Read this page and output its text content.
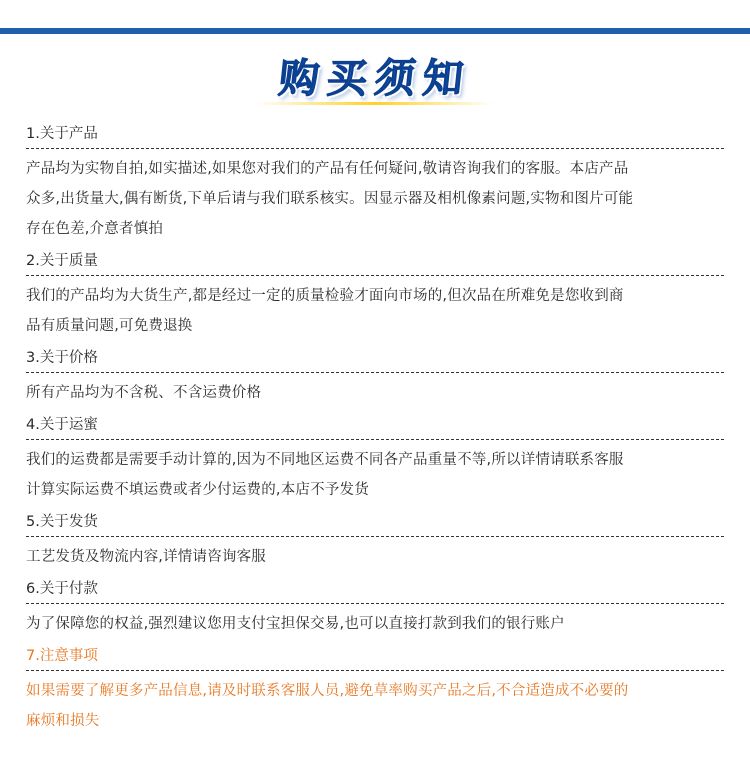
购买须知
1.关于产品

产品均为实物自拍,如实描述,如果您对我们的产品有任何疑问,敬请咨询我们的客服。本店产品

众多,出货量大,偶有断货,下单后请与我们联系核实。因显示器及相机像素问题,实物和图片可能

存在色差,介意者慎拍

2.关于质量

我们的产品均为大货生产,都是经过一定的质量检验才面向市场的,但次品在所难免是您收到商

品有质量问题,可免费退换

3.关于价格

所有产品均为不含税、不含运费价格

4.关于运蜜

我们的运费都是需要手动计算的,因为不同地区运费不同各产品重量不等,所以详情请联系客服

计算实际运费不填运费或者少付运费的,本店不予发货

5.关于发货

工艺发货及物流内容,详情请咨询客服

6.关于付款

为了保障您的权益,强烈建议您用支付宝担保交易,也可以直接打款到我们的银行账户

7.注意事项

如果需要了解更多产品信息,请及时联系客服人员,避免草率购买产品之后,不合适造成不必要的

麻烦和损失
